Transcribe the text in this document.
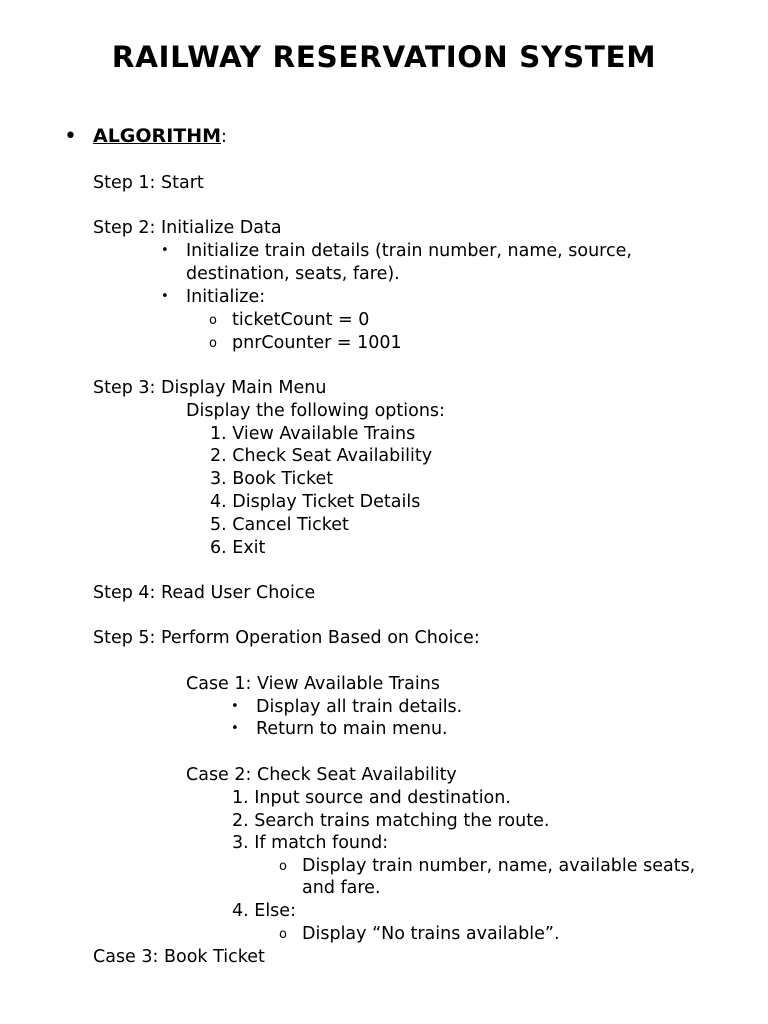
RAILWAY RESERVATION SYSTEM
• ALGORITHM:

Step 1: Start

Step 2: Initialize Data

• Initialize train details (train number, name, source,

destination, seats, fare).

• Initialize:

o ticketCount = 0

o pnrCounter = 1001

Step 3: Display Main Menu

Display the following options:

1. View Available Trains

2. Check Seat Availability

3. Book Ticket

4. Display Ticket Details

5. Cancel Ticket

6. Exit

Step 4: Read User Choice

Step 5: Perform Operation Based on Choice:

Case 1: View Available Trains

• Display all train details.

• Return to main menu.

Case 2: Check Seat Availability

1. Input source and destination.

2. Search trains matching the route.

3. If match found:

o Display train number, name, available seats,

and fare.

4. Else:

o Display “No trains available”.

Case 3: Book Ticket
